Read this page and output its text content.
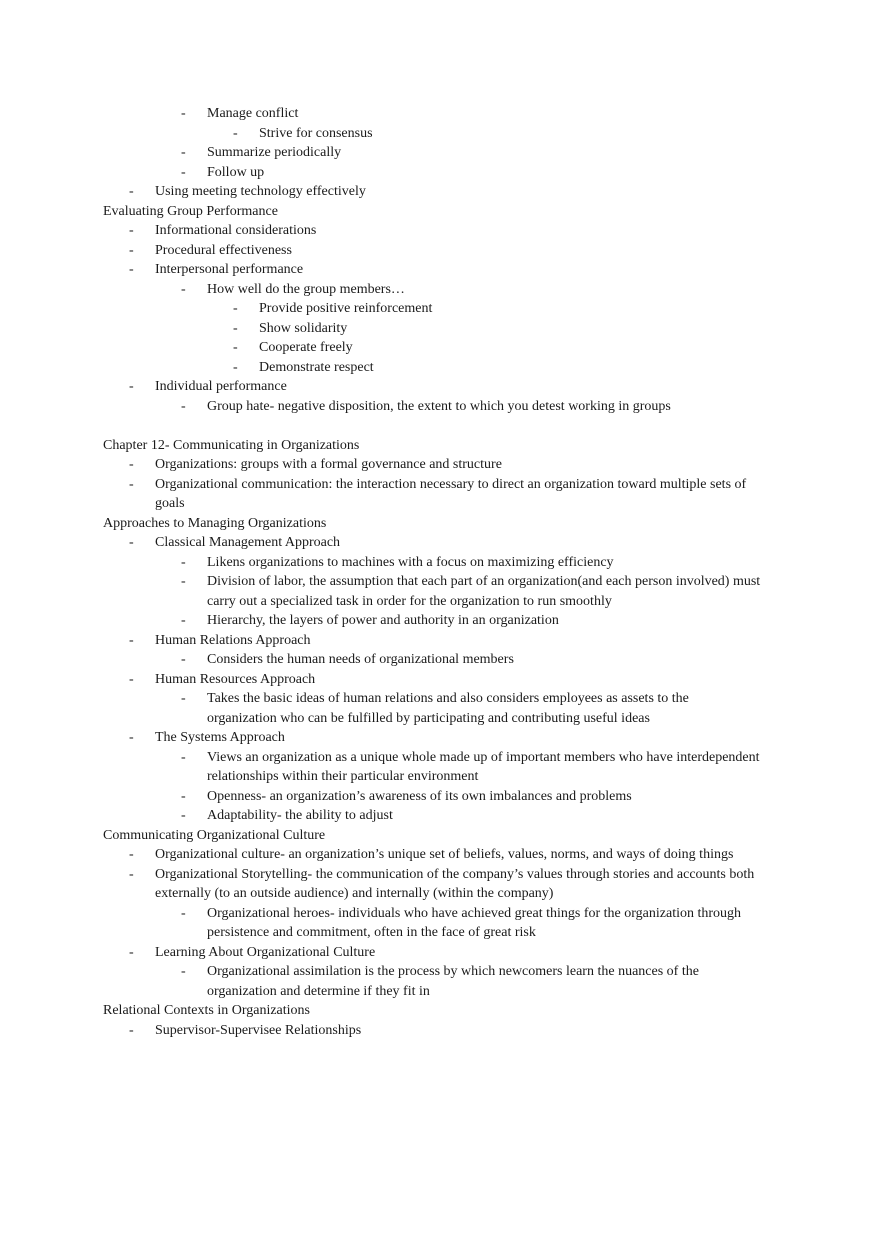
- Manage conflict
- Strive for consensus
- Summarize periodically
- Follow up
- Using meeting technology effectively
Evaluating Group Performance
- Informational considerations
- Procedural effectiveness
- Interpersonal performance
- How well do the group members…
- Provide positive reinforcement
- Show solidarity
- Cooperate freely
- Demonstrate respect
- Individual performance
- Group hate- negative disposition, the extent to which you detest working in groups
Chapter 12- Communicating in Organizations
- Organizations: groups with a formal governance and structure
- Organizational communication: the interaction necessary to direct an organization toward multiple sets of
goals
Approaches to Managing Organizations
- Classical Management Approach
- Likens organizations to machines with a focus on maximizing efficiency
- Division of labor, the assumption that each part of an organization(and each person involved) must
carry out a specialized task in order for the organization to run smoothly
- Hierarchy, the layers of power and authority in an organization
- Human Relations Approach
- Considers the human needs of organizational members
- Human Resources Approach
- Takes the basic ideas of human relations and also considers employees as assets to the
organization who can be fulfilled by participating and contributing useful ideas
- The Systems Approach
- Views an organization as a unique whole made up of important members who have interdependent
relationships within their particular environment
- Openness- an organization’s awareness of its own imbalances and problems
- Adaptability- the ability to adjust
Communicating Organizational Culture
- Organizational culture- an organization’s unique set of beliefs, values, norms, and ways of doing things
- Organizational Storytelling- the communication of the company’s values through stories and accounts both
externally (to an outside audience) and internally (within the company)
- Organizational heroes- individuals who have achieved great things for the organization through
persistence and commitment, often in the face of great risk
- Learning About Organizational Culture
- Organizational assimilation is the process by which newcomers learn the nuances of the
organization and determine if they fit in
Relational Contexts in Organizations
- Supervisor-Supervisee Relationships
